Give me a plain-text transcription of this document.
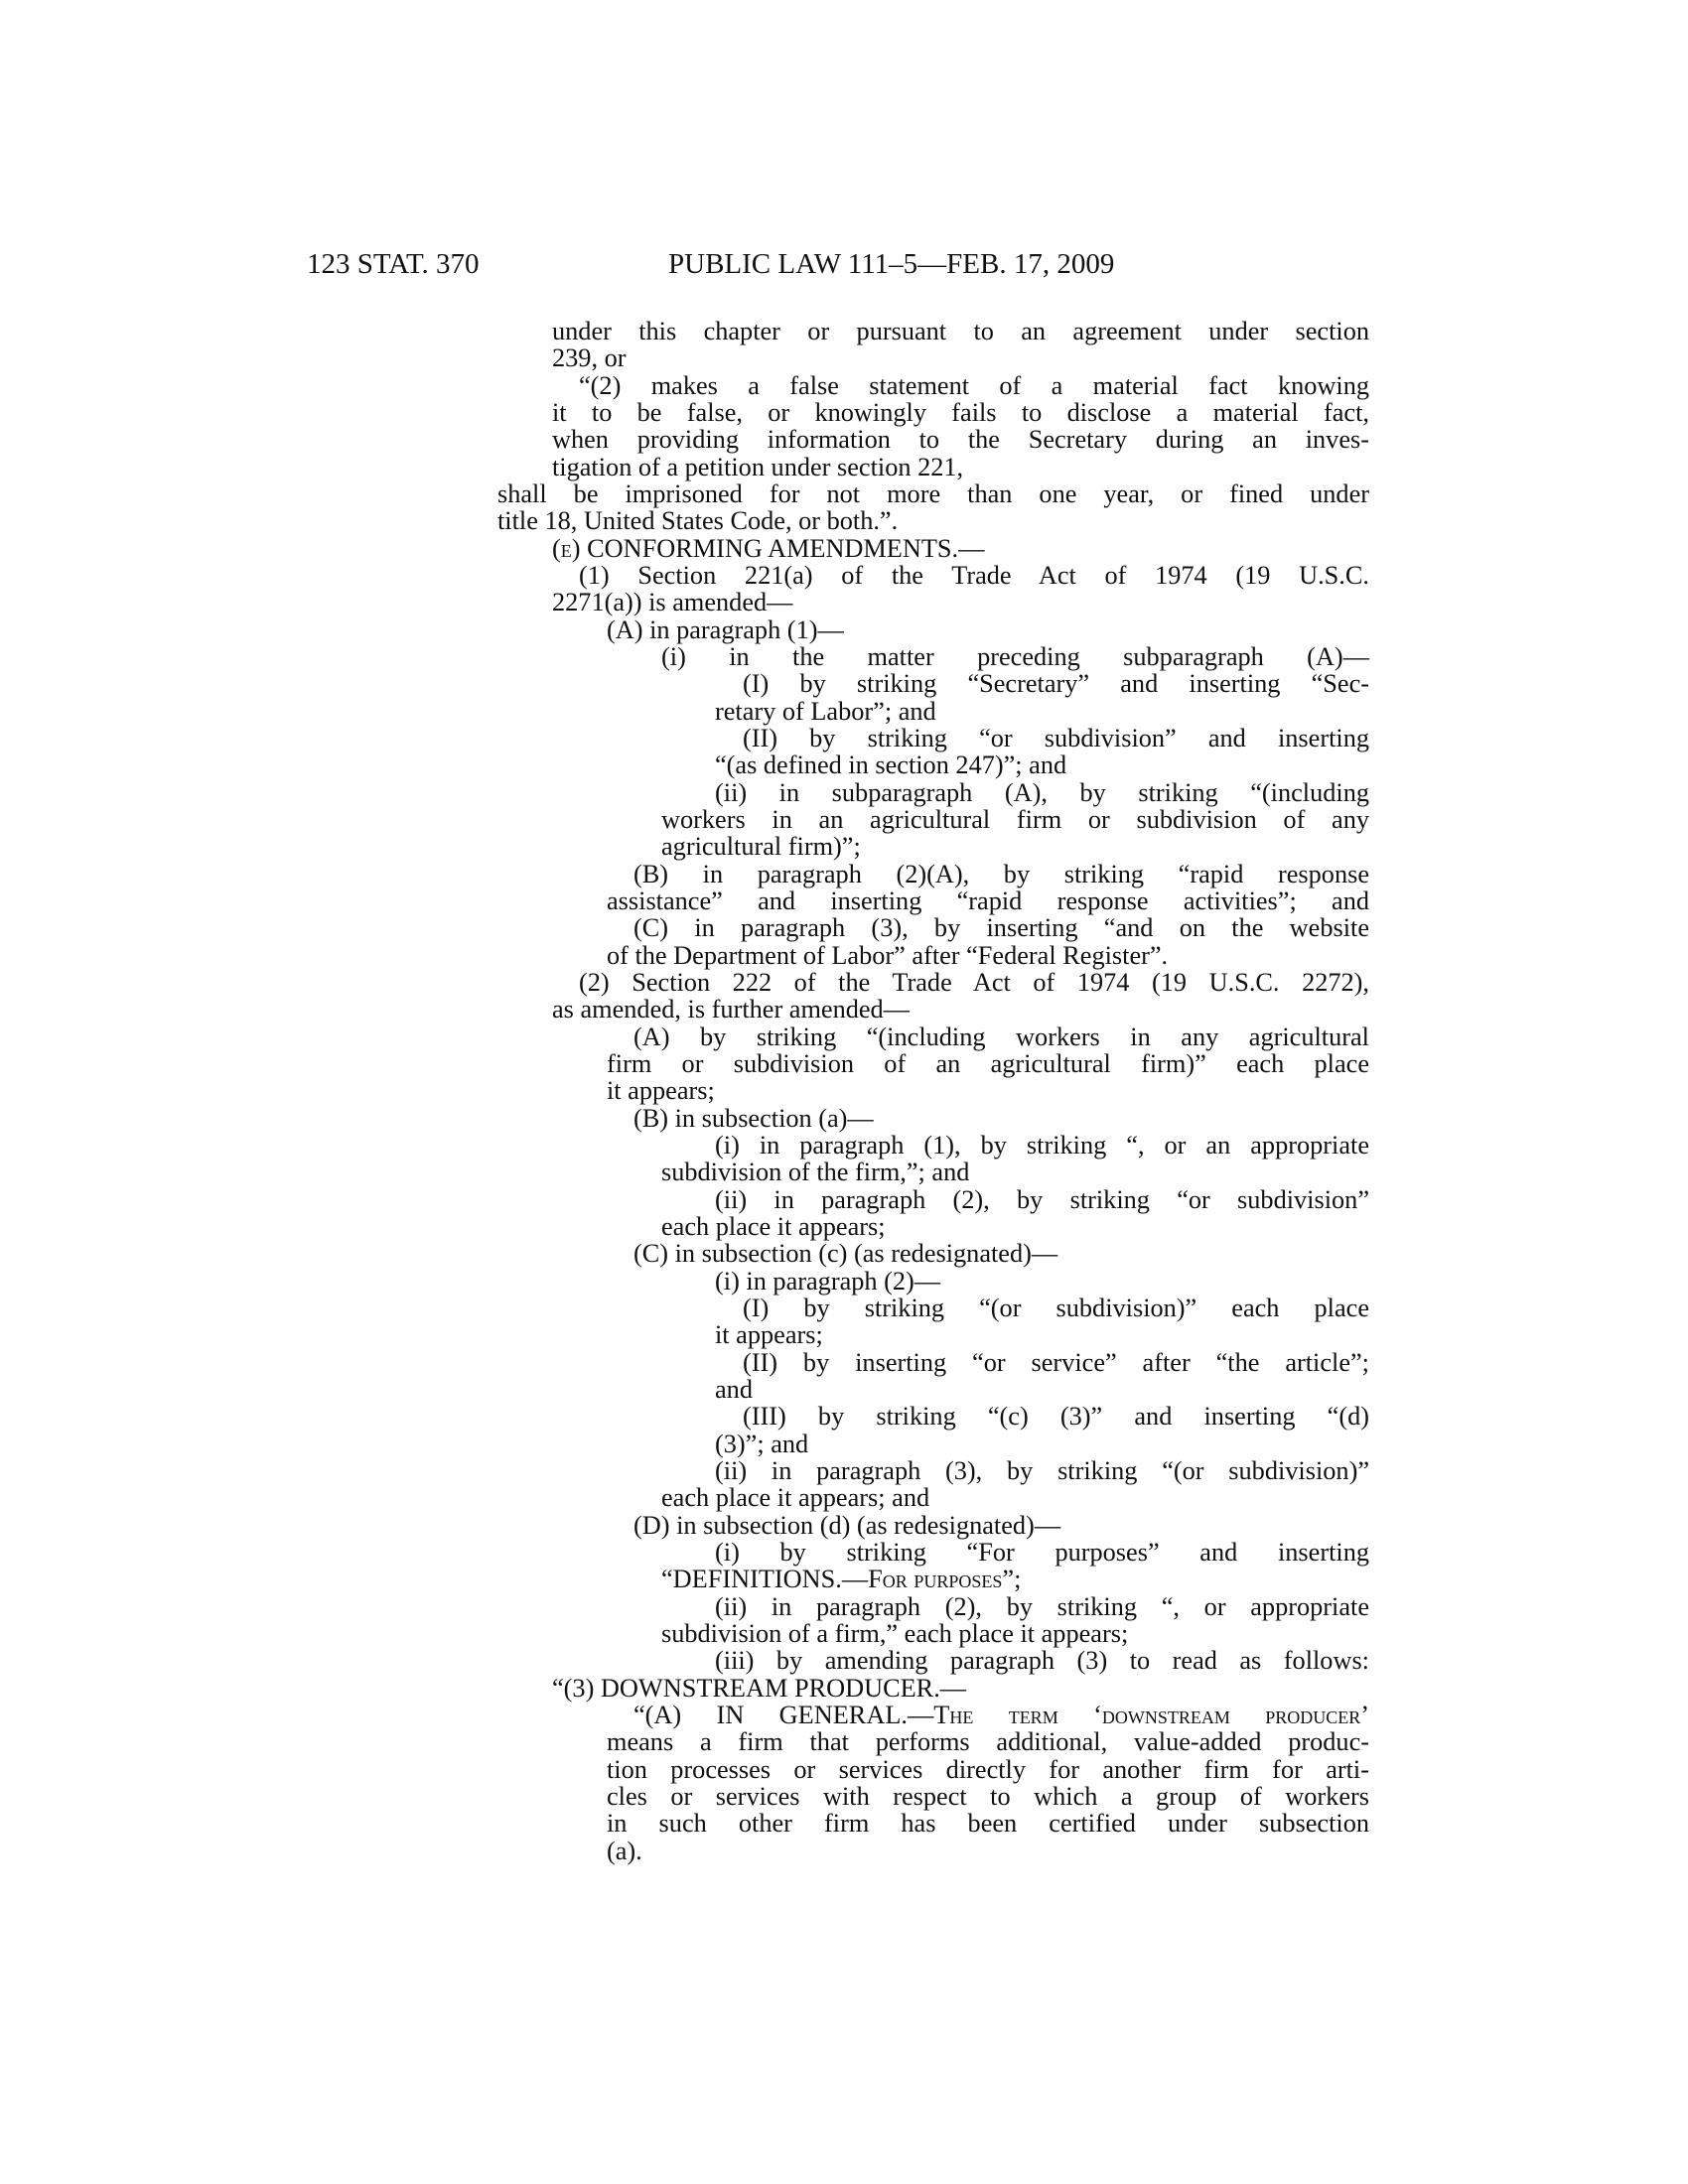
123 STAT. 370	PUBLIC LAW 111–5—FEB. 17, 2009
under this chapter or pursuant to an agreement under section
239, or
“(2) makes a false statement of a material fact knowing
it to be false, or knowingly fails to disclose a material fact,
when providing information to the Secretary during an inves-
tigation of a petition under section 221,
shall be imprisoned for not more than one year, or fined under
title 18, United States Code, or both.”.
(e) CONFORMING AMENDMENTS.—
(1) Section 221(a) of the Trade Act of 1974 (19 U.S.C.
2271(a)) is amended—
(A) in paragraph (1)—
(i) in the matter preceding subparagraph (A)—
(I) by striking “Secretary” and inserting “Sec-
retary of Labor”; and
(II) by striking “or subdivision” and inserting
“(as defined in section 247)”; and
(ii) in subparagraph (A), by striking “(including
workers in an agricultural firm or subdivision of any
agricultural firm)”;
(B) in paragraph (2)(A), by striking “rapid response
assistance” and inserting “rapid response activities”; and
(C) in paragraph (3), by inserting “and on the website
of the Department of Labor” after “Federal Register”.
(2) Section 222 of the Trade Act of 1974 (19 U.S.C. 2272),
as amended, is further amended—
(A) by striking “(including workers in any agricultural
firm or subdivision of an agricultural firm)” each place
it appears;
(B) in subsection (a)—
(i) in paragraph (1), by striking “, or an appropriate
subdivision of the firm,”; and
(ii) in paragraph (2), by striking “or subdivision”
each place it appears;
(C) in subsection (c) (as redesignated)—
(i) in paragraph (2)—
(I) by striking “(or subdivision)” each place
it appears;
(II) by inserting “or service” after “the article”;
and
(III) by striking “(c) (3)” and inserting “(d)
(3)”; and
(ii) in paragraph (3), by striking “(or subdivision)”
each place it appears; and
(D) in subsection (d) (as redesignated)—
(i) by striking “For purposes” and inserting
“DEFINITIONS.—For purposes”;
(ii) in paragraph (2), by striking “, or appropriate
subdivision of a firm,” each place it appears;
(iii) by amending paragraph (3) to read as follows:
“(3) DOWNSTREAM PRODUCER.—
“(A) IN GENERAL.—The term ‘downstream producer’
means a firm that performs additional, value-added produc-
tion processes or services directly for another firm for arti-
cles or services with respect to which a group of workers
in such other firm has been certified under subsection
(a).
